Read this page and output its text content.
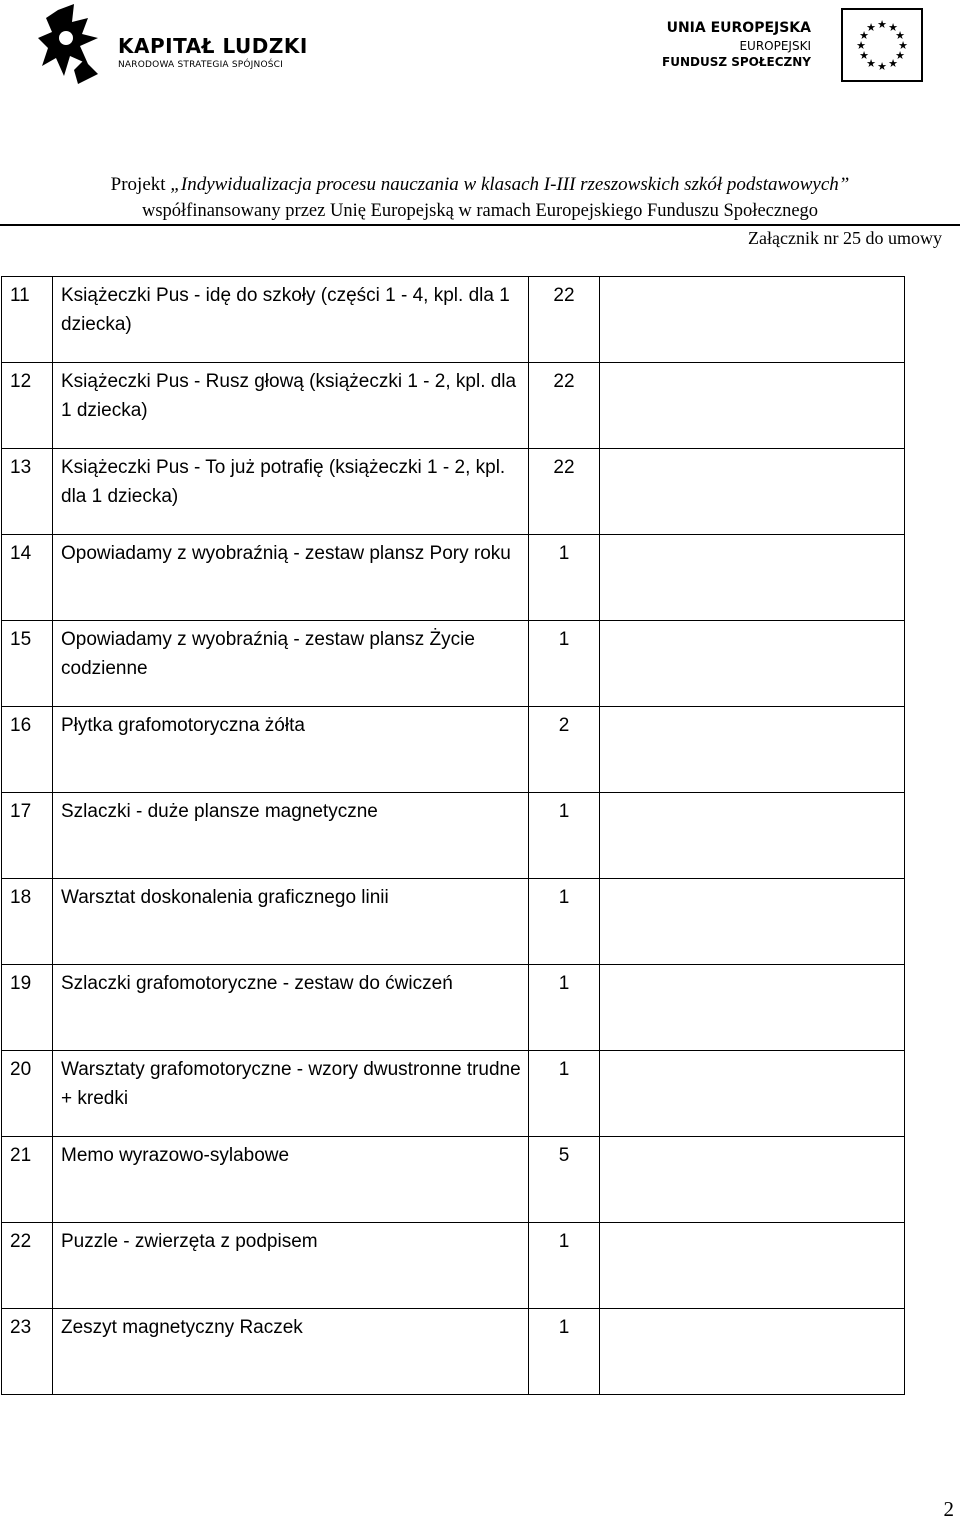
KAPITAŁ LUDZKI
NARODOWA STRATEGIA SPÓJNOŚCI
UNIA EUROPEJSKA
EUROPEJSKI
FUNDUSZ SPOŁECZNY
★ ★
★
★
★
★
★
★
★
★
★
★
Projekt „Indywidualizacja procesu nauczania w klasach I-III rzeszowskich szkół podstawowych”
współfinansowany przez Unię Europejską w ramach Europejskiego Funduszu Społecznego
Załącznik nr 25 do umowy
11	Książeczki Pus - idę do szkoły (części 1 - 4, kpl. dla 1 dziecka)	22	
12	Książeczki Pus - Rusz głową (książeczki 1 - 2, kpl. dla 1 dziecka)	22	
13	Książeczki Pus - To już potrafię (książeczki 1 - 2, kpl. dla 1 dziecka)	22	
14	Opowiadamy z wyobraźnią - zestaw plansz Pory roku	1	
15	Opowiadamy z wyobraźnią - zestaw plansz Życie codzienne	1	
16	Płytka grafomotoryczna żółta	2	
17	Szlaczki - duże plansze magnetyczne	1	
18	Warsztat doskonalenia graficznego linii	1	
19	Szlaczki grafomotoryczne - zestaw do ćwiczeń	1	
20	Warsztaty grafomotoryczne - wzory dwustronne trudne + kredki	1	
21	Memo wyrazowo-sylabowe	5	
22	Puzzle - zwierzęta z podpisem	1	
23	Zeszyt magnetyczny Raczek	1	
2
